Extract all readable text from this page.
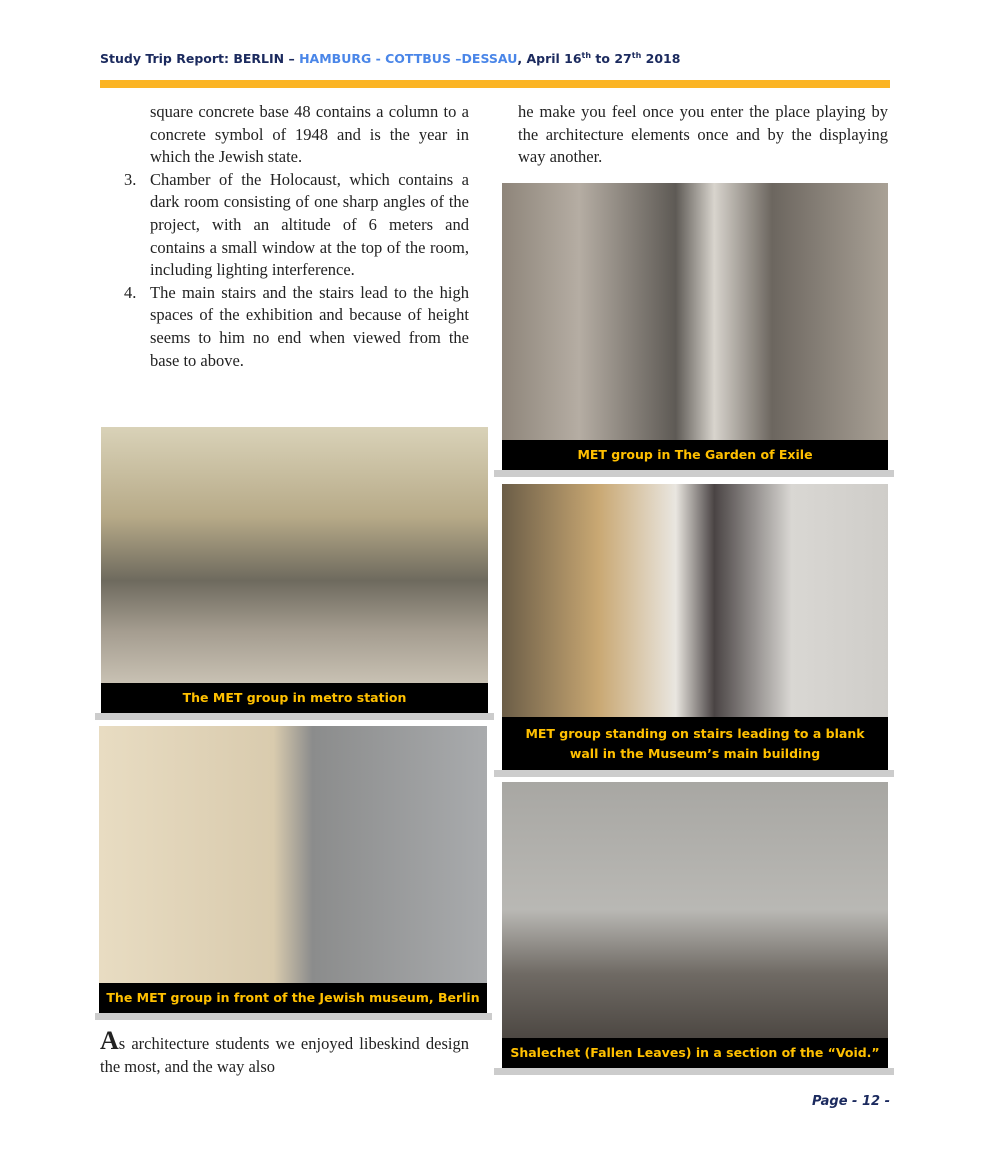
Study Trip Report: BERLIN – HAMBURG - COTTBUS –DESSAU, April 16th to 27th 2018

square concrete base 48 contains a column to a concrete symbol of 1948 and is the year in which the Jewish state.

3. Chamber of the Holocaust, which contains a dark room consisting of one sharp angles of the project, with an altitude of 6 meters and contains a small window at the top of the room, including lighting interference.
4. The main stairs and the stairs lead to the high spaces of the exhibition and because of height seems to him no end when viewed from the base to above.
he make you feel once you enter the place playing by the architecture elements once and by the displaying way another.
The MET group in metro station
MET group in The Garden of Exile
MET group standing on stairs leading to a blank wall in the Museum’s main building
The MET group in front of the Jewish museum, Berlin
Shalechet (Fallen Leaves) in a section of the “Void.”
As architecture students we enjoyed libeskind design the most, and the way also
Page - 12 -
